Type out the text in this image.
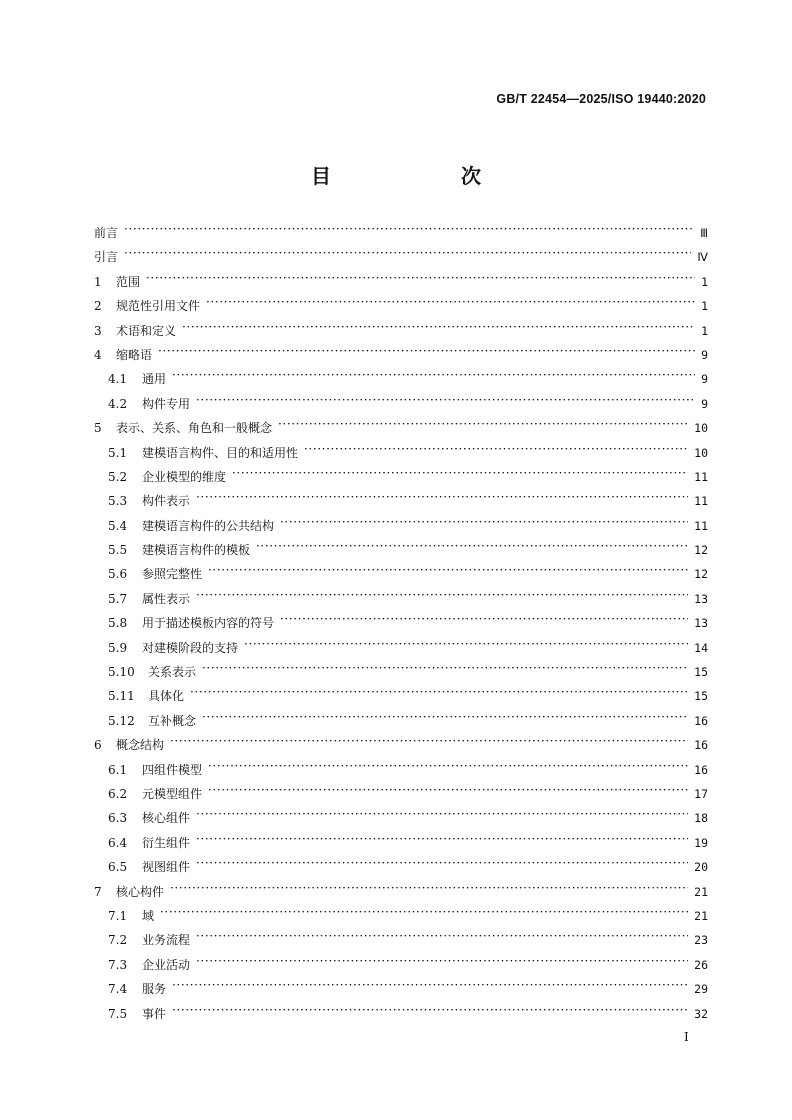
GB/T 22454—2025/ISO 19440:2020
目　　次
前言 ·····	Ⅲ
引言 ·····	Ⅳ
1	范围 ·····	1
2	规范性引用文件 ·····	1
3	术语和定义 ·····	1
4	缩略语 ·····	9
4.1	通用 ·····	9
4.2	构件专用 ·····	9
5	表示、关系、角色和一般概念 ·····	10
5.1	建模语言构件、目的和适用性 ·····	10
5.2	企业模型的维度 ·····	11
5.3	构件表示 ·····	11
5.4	建模语言构件的公共结构 ·····	11
5.5	建模语言构件的模板 ·····	12
5.6	参照完整性 ·····	12
5.7	属性表示 ·····	13
5.8	用于描述模板内容的符号 ·····	13
5.9	对建模阶段的支持 ·····	14
5.10	关系表示 ·····	15
5.11	具体化 ·····	15
5.12	互补概念 ·····	16
6	概念结构 ·····	16
6.1	四组件模型 ·····	16
6.2	元模型组件 ·····	17
6.3	核心组件 ·····	18
6.4	衍生组件 ·····	19
6.5	视图组件 ·····	20
7	核心构件 ·····	21
7.1	域 ·····	21
7.2	业务流程 ·····	23
7.3	企业活动 ·····	26
7.4	服务 ·····	29
7.5	事件 ·····	32
I
